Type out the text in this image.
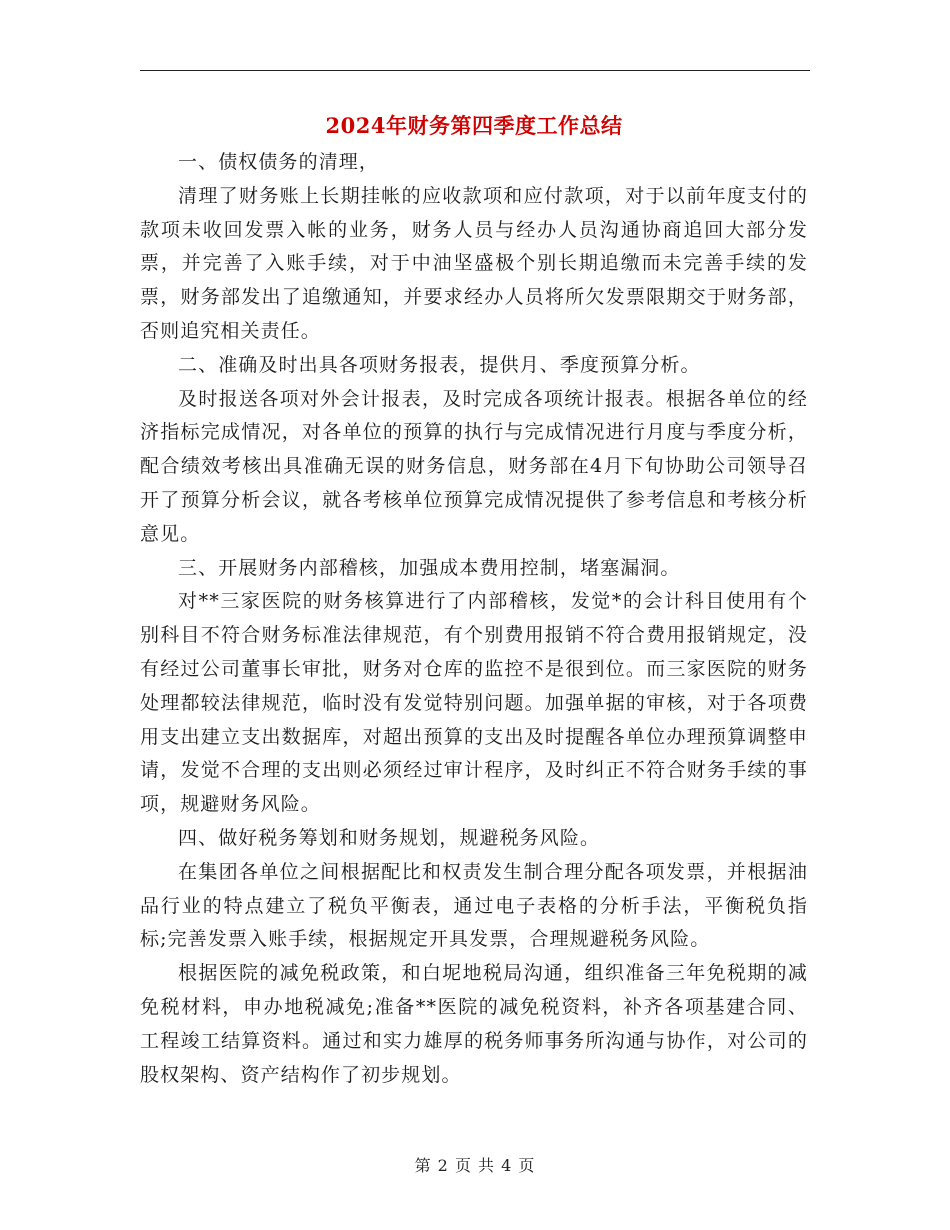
2024年财务第四季度工作总结

一、债权债务的清理，

清理了财务账上长期挂帐的应收款项和应付款项，对于以前年度支付的款项未收回发票入帐的业务，财务人员与经办人员沟通协商追回大部分发票，并完善了入账手续，对于中油坚盛极个别长期追缴而未完善手续的发票，财务部发出了追缴通知，并要求经办人员将所欠发票限期交于财务部，否则追究相关责任。

二、准确及时出具各项财务报表，提供月、季度预算分析。

及时报送各项对外会计报表，及时完成各项统计报表。根据各单位的经济指标完成情况，对各单位的预算的执行与完成情况进行月度与季度分析，配合绩效考核出具准确无误的财务信息，财务部在4月下旬协助公司领导召开了预算分析会议，就各考核单位预算完成情况提供了参考信息和考核分析意见。

三、开展财务内部稽核，加强成本费用控制，堵塞漏洞。

对**三家医院的财务核算进行了内部稽核，发觉*的会计科目使用有个别科目不符合财务标准法律规范，有个别费用报销不符合费用报销规定，没有经过公司董事长审批，财务对仓库的监控不是很到位。而三家医院的财务处理都较法律规范，临时没有发觉特别问题。加强单据的审核，对于各项费用支出建立支出数据库，对超出预算的支出及时提醒各单位办理预算调整申请，发觉不合理的支出则必须经过审计程序，及时纠正不符合财务手续的事项，规避财务风险。

四、做好税务筹划和财务规划，规避税务风险。

在集团各单位之间根据配比和权责发生制合理分配各项发票，并根据油品行业的特点建立了税负平衡表，通过电子表格的分析手法，平衡税负指标;完善发票入账手续，根据规定开具发票，合理规避税务风险。

根据医院的减免税政策，和白坭地税局沟通，组织准备三年免税期的减免税材料，申办地税减免;准备**医院的减免税资料，补齐各项基建合同、工程竣工结算资料。通过和实力雄厚的税务师事务所沟通与协作，对公司的股权架构、资产结构作了初步规划。

第 2 页 共 4 页
